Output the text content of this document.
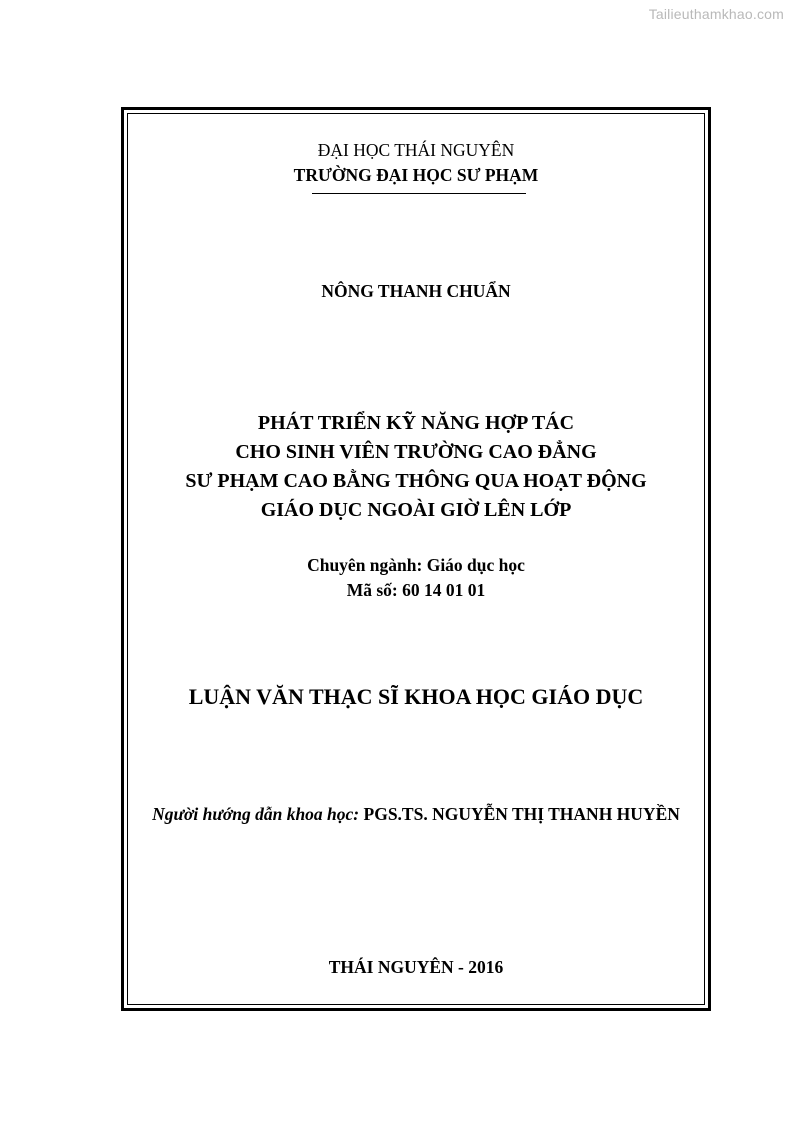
Tailieuthamkhao.com
ĐẠI HỌC THÁI NGUYÊN
TRƯỜNG ĐẠI HỌC SƯ PHẠM
NÔNG THANH CHUẨN
PHÁT TRIỂN KỸ NĂNG HỢP TÁC
CHO SINH VIÊN TRƯỜNG CAO ĐẲNG
SƯ PHẠM CAO BẰNG THÔNG QUA HOẠT ĐỘNG
GIÁO DỤC NGOÀI GIỜ LÊN LỚP
Chuyên ngành: Giáo dục học
Mã số: 60 14 01 01
LUẬN VĂN THẠC SĨ KHOA HỌC GIÁO DỤC
Người hướng dẫn khoa học: PGS.TS. NGUYỄN THỊ THANH HUYỀN
THÁI NGUYÊN - 2016
